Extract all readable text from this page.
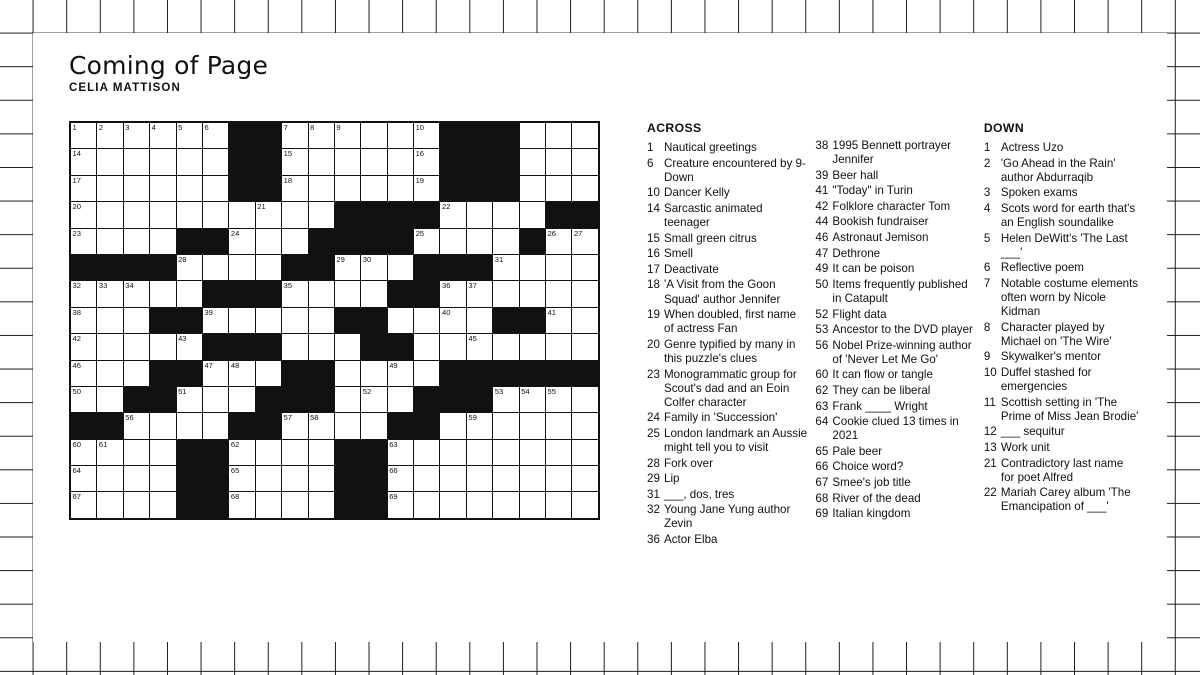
Coming of Page
CELIA MATTISON
1	2	3	4	5	6			7	8	9			10						

14								15					16						

17								18					19						

20							21							22					

23						24							25					26	27

				28						29	30					31			

32	33	34						35						36	37				

38					39									40				41	

42				43											45				

46					47	48						49							

50				51							52					53	54	55	

		56						57	58						59				

60	61					62						63							

64						65						66							

67						68						69							

ACROSS
1 Nautical greetings
6 Creature encountered by 9-Down
10 Dancer Kelly
14 Sarcastic animated teenager
15 Small green citrus
16 Smell
17 Deactivate
18 'A Visit from the Goon Squad' author Jennifer
19 When doubled, first name of actress Fan
20 Genre typified by many in this puzzle's clues
23 Monogrammatic group for Scout's dad and an Eoin Colfer character
24 Family in 'Succession'
25 London landmark an Aussie might tell you to visit
28 Fork over
29 Lip
31 ___, dos, tres
32 Young Jane Yung author Zevin
36 Actor Elba
38 1995 Bennett portrayer Jennifer
39 Beer hall
41 "Today" in Turin
42 Folklore character Tom
44 Bookish fundraiser
46 Astronaut Jemison
47 Dethrone
49 It can be poison
50 Items frequently published in Catapult
52 Flight data
53 Ancestor to the DVD player
56 Nobel Prize-winning author of 'Never Let Me Go'
60 It can flow or tangle
62 They can be liberal
63 Frank ____ Wright
64 Cookie clued 13 times in 2021
65 Pale beer
66 Choice word?
67 Smee's job title
68 River of the dead
69 Italian kingdom
DOWN
1 Actress Uzo
2 'Go Ahead in the Rain' author Abdurraqib
3 Spoken exams
4 Scots word for earth that's an English soundalike
5 Helen DeWitt's 'The Last ___'
6 Reflective poem
7 Notable costume elements often worn by Nicole Kidman
8 Character played by Michael on 'The Wire'
9 Skywalker's mentor
10 Duffel stashed for emergencies
11 Scottish setting in 'The Prime of Miss Jean Brodie'
12 ___ sequitur
13 Work unit
21 Contradictory last name for poet Alfred
22 Mariah Carey album 'The Emancipation of ___'
